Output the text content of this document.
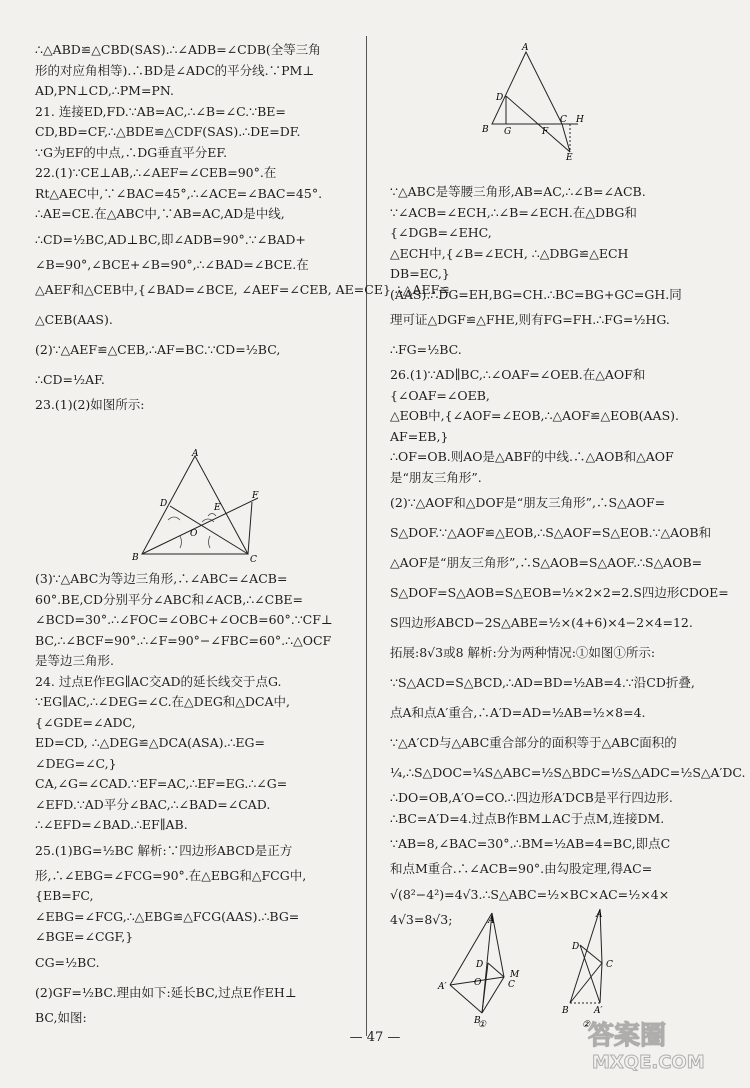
∴△ABD≌△CBD(SAS).∴∠ADB=∠CDB(全等三角
形的对应角相等).∴BD是∠ADC的平分线.∵PM⊥
AD,PN⊥CD,∴PM=PN.
21. 连接ED,FD.∵AB=AC,∴∠B=∠C.∵BE=
CD,BD=CF,∴△BDE≌△CDF(SAS).∴DE=DF.
∵G为EF的中点,∴DG垂直平分EF.
22.(1)∵CE⊥AB,∴∠AEF=∠CEB=90°.在
Rt△AEC中,∵∠BAC=45°,∴∠ACE=∠BAC=45°.
∴AE=CE.在△ABC中,∵AB=AC,AD是中线,
∴CD=½BC,AD⊥BC,即∠ADB=90°.∵∠BAD+
∠B=90°,∠BCE+∠B=90°,∴∠BAD=∠BCE.在
△AEF和△CEB中,{∠BAD=∠BCE, ∠AEF=∠CEB, AE=CE} ∴△AEF≌
△CEB(AAS).
(2)∵△AEF≌△CEB,∴AF=BC.∵CD=½BC,
∴CD=½AF.
23.(1)(2)如图所示:
A
B	C
D	E
F
O
(3)∵△ABC为等边三角形,∴∠ABC=∠ACB=
60°.BE,CD分别平分∠ABC和∠ACB,∴∠CBE=
∠BCD=30°.∴∠FOC=∠OBC+∠OCB=60°.∵CF⊥
BC,∴∠BCF=90°.∴∠F=90°−∠FBC=60°.∴△OCF
是等边三角形.
24. 过点E作EG∥AC交AD的延长线交于点G.
∵EG∥AC,∴∠DEG=∠C.在△DEG和△DCA中,
{∠GDE=∠ADC,
ED=CD, ∴△DEG≌△DCA(ASA).∴EG=
∠DEG=∠C,}
CA,∠G=∠CAD.∵EF=AC,∴EF=EG.∴∠G=
∠EFD.∵AD平分∠BAC,∴∠BAD=∠CAD.
∴∠EFD=∠BAD.∴EF∥AB.
25.(1)BG=½BC 解析:∵四边形ABCD是正方
形,∴∠EBG=∠FCG=90°.在△EBG和△FCG中,
{EB=FC,
∠EBG=∠FCG,∴△EBG≌△FCG(AAS).∴BG=
∠BGE=∠CGF,}
CG=½BC.
(2)GF=½BC.理由如下:延长BC,过点E作EH⊥
BC,如图:
A
B
C
D
E
F
G
H
∵△ABC是等腰三角形,AB=AC,∴∠B=∠ACB.
∵∠ACB=∠ECH,∴∠B=∠ECH.在△DBG和
{∠DGB=∠EHC,
△ECH中,{∠B=∠ECH, ∴△DBG≌△ECH
DB=EC,}
(AAS).∴DG=EH,BG=CH.∴BC=BG+GC=GH.同
理可证△DGF≌△FHE,则有FG=FH.∴FG=½HG.
∴FG=½BC.
26.(1)∵AD∥BC,∴∠OAF=∠OEB.在△AOF和
{∠OAF=∠OEB,
△EOB中,{∠AOF=∠EOB,∴△AOF≌△EOB(AAS).
AF=EB,}
∴OF=OB.则AO是△ABF的中线.∴△AOB和△AOF
是“朋友三角形”.
(2)∵△AOF和△DOF是“朋友三角形”,∴S△AOF=
S△DOF.∵△AOF≌△EOB,∴S△AOF=S△EOB.∵△AOB和
△AOF是“朋友三角形”,∴S△AOB=S△AOF.∴S△AOB=
S△DOF=S△AOB=S△EOB=½×2×2=2.S四边形CDOE=
S四边形ABCD−2S△ABE=½×(4+6)×4−2×4=12.
拓展:8√3或8 解析:分为两种情况:①如图①所示:
∵S△ACD=S△BCD,∴AD=BD=½AB=4.∵沿CD折叠,
点A和点A′重合,∴A′D=AD=½AB=½×8=4.
∵△A′CD与△ABC重合部分的面积等于△ABC面积的
¼,∴S△DOC=¼S△ABC=½S△BDC=½S△ADC=½S△A′DC.
∴DO=OB,A′O=CO.∴四边形A′DCB是平行四边形.
∴BC=A′D=4.过点B作BM⊥AC于点M,连接DM.
∵AB=8,∠BAC=30°.∴BM=½AB=4=BC,即点C
和点M重合.∴∠ACB=90°.由勾股定理,得AC=
√(8²−4²)=4√3.∴S△ABC=½×BC×AC=½×4×
4√3=8√3;	A
A′
B
C
D
O
M
①
A
B
C
D
A′
②
— 47 —	答案圈
MXQE.COM
